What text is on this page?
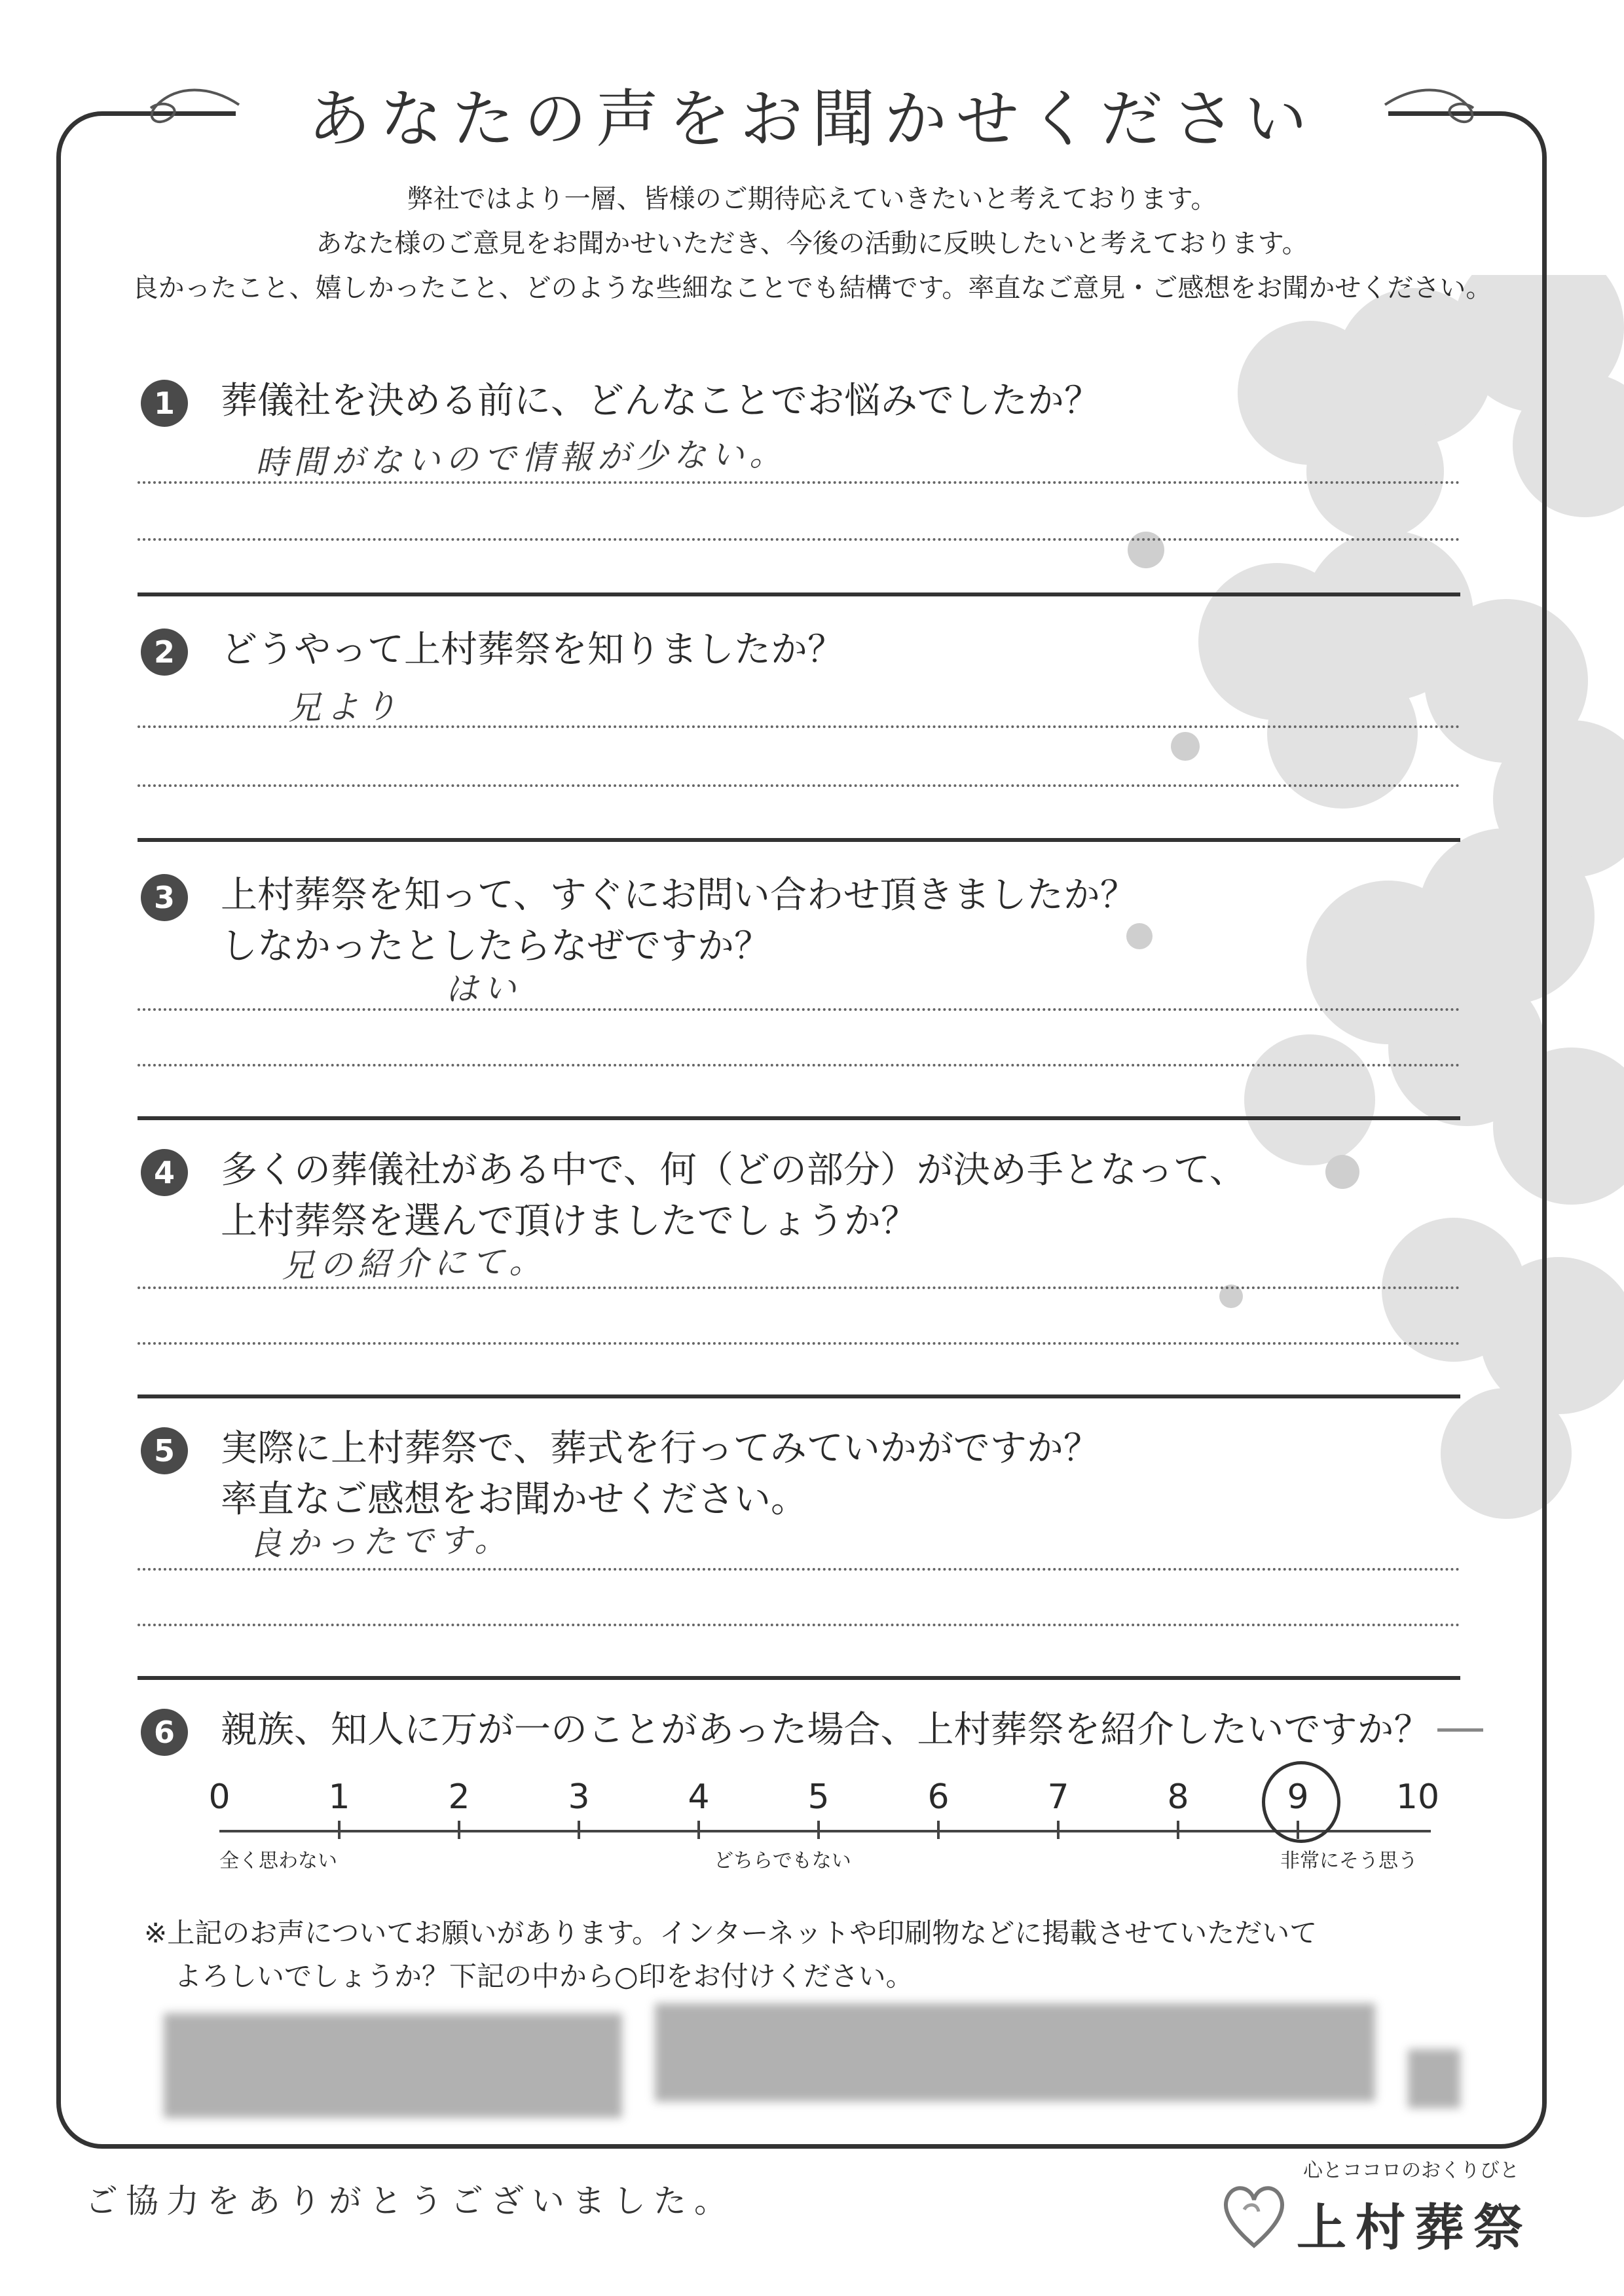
あなたの声をお聞かせください
弊社ではより一層、皆様のご期待応えていきたいと考えております。
あなた様のご意見をお聞かせいただき、今後の活動に反映したいと考えております。
良かったこと、嬉しかったこと、どのような些細なことでも結構です。率直なご意見・ご感想をお聞かせください。
1	葬儀社を決める前に、どんなことでお悩みでしたか？
時間がないので情報が少ない。
2	どうやって上村葬祭を知りましたか？
兄より
3	上村葬祭を知って、すぐにお問い合わせ頂きましたか？
しなかったとしたらなぜですか？
はい
4	多くの葬儀社がある中で、何（どの部分）が決め手となって、
上村葬祭を選んで頂けましたでしょうか？
兄の紹介にて。
5	実際に上村葬祭で、葬式を行ってみていかがですか？
率直なご感想をお聞かせください。
良かったです。
6	親族、知人に万が一のことがあった場合、上村葬祭を紹介したいですか？
全く思わない	どちらでもない	非常にそう思う
0	1	2	3	4	5	6	7	8	9	10
※上記のお声についてお願いがあります。インターネットや印刷物などに掲載させていただいて
よろしいでしょうか？下記の中から○印をお付けください。
ご協力をありがとうございました。
心とココロのおくりびと
上村葬祭
